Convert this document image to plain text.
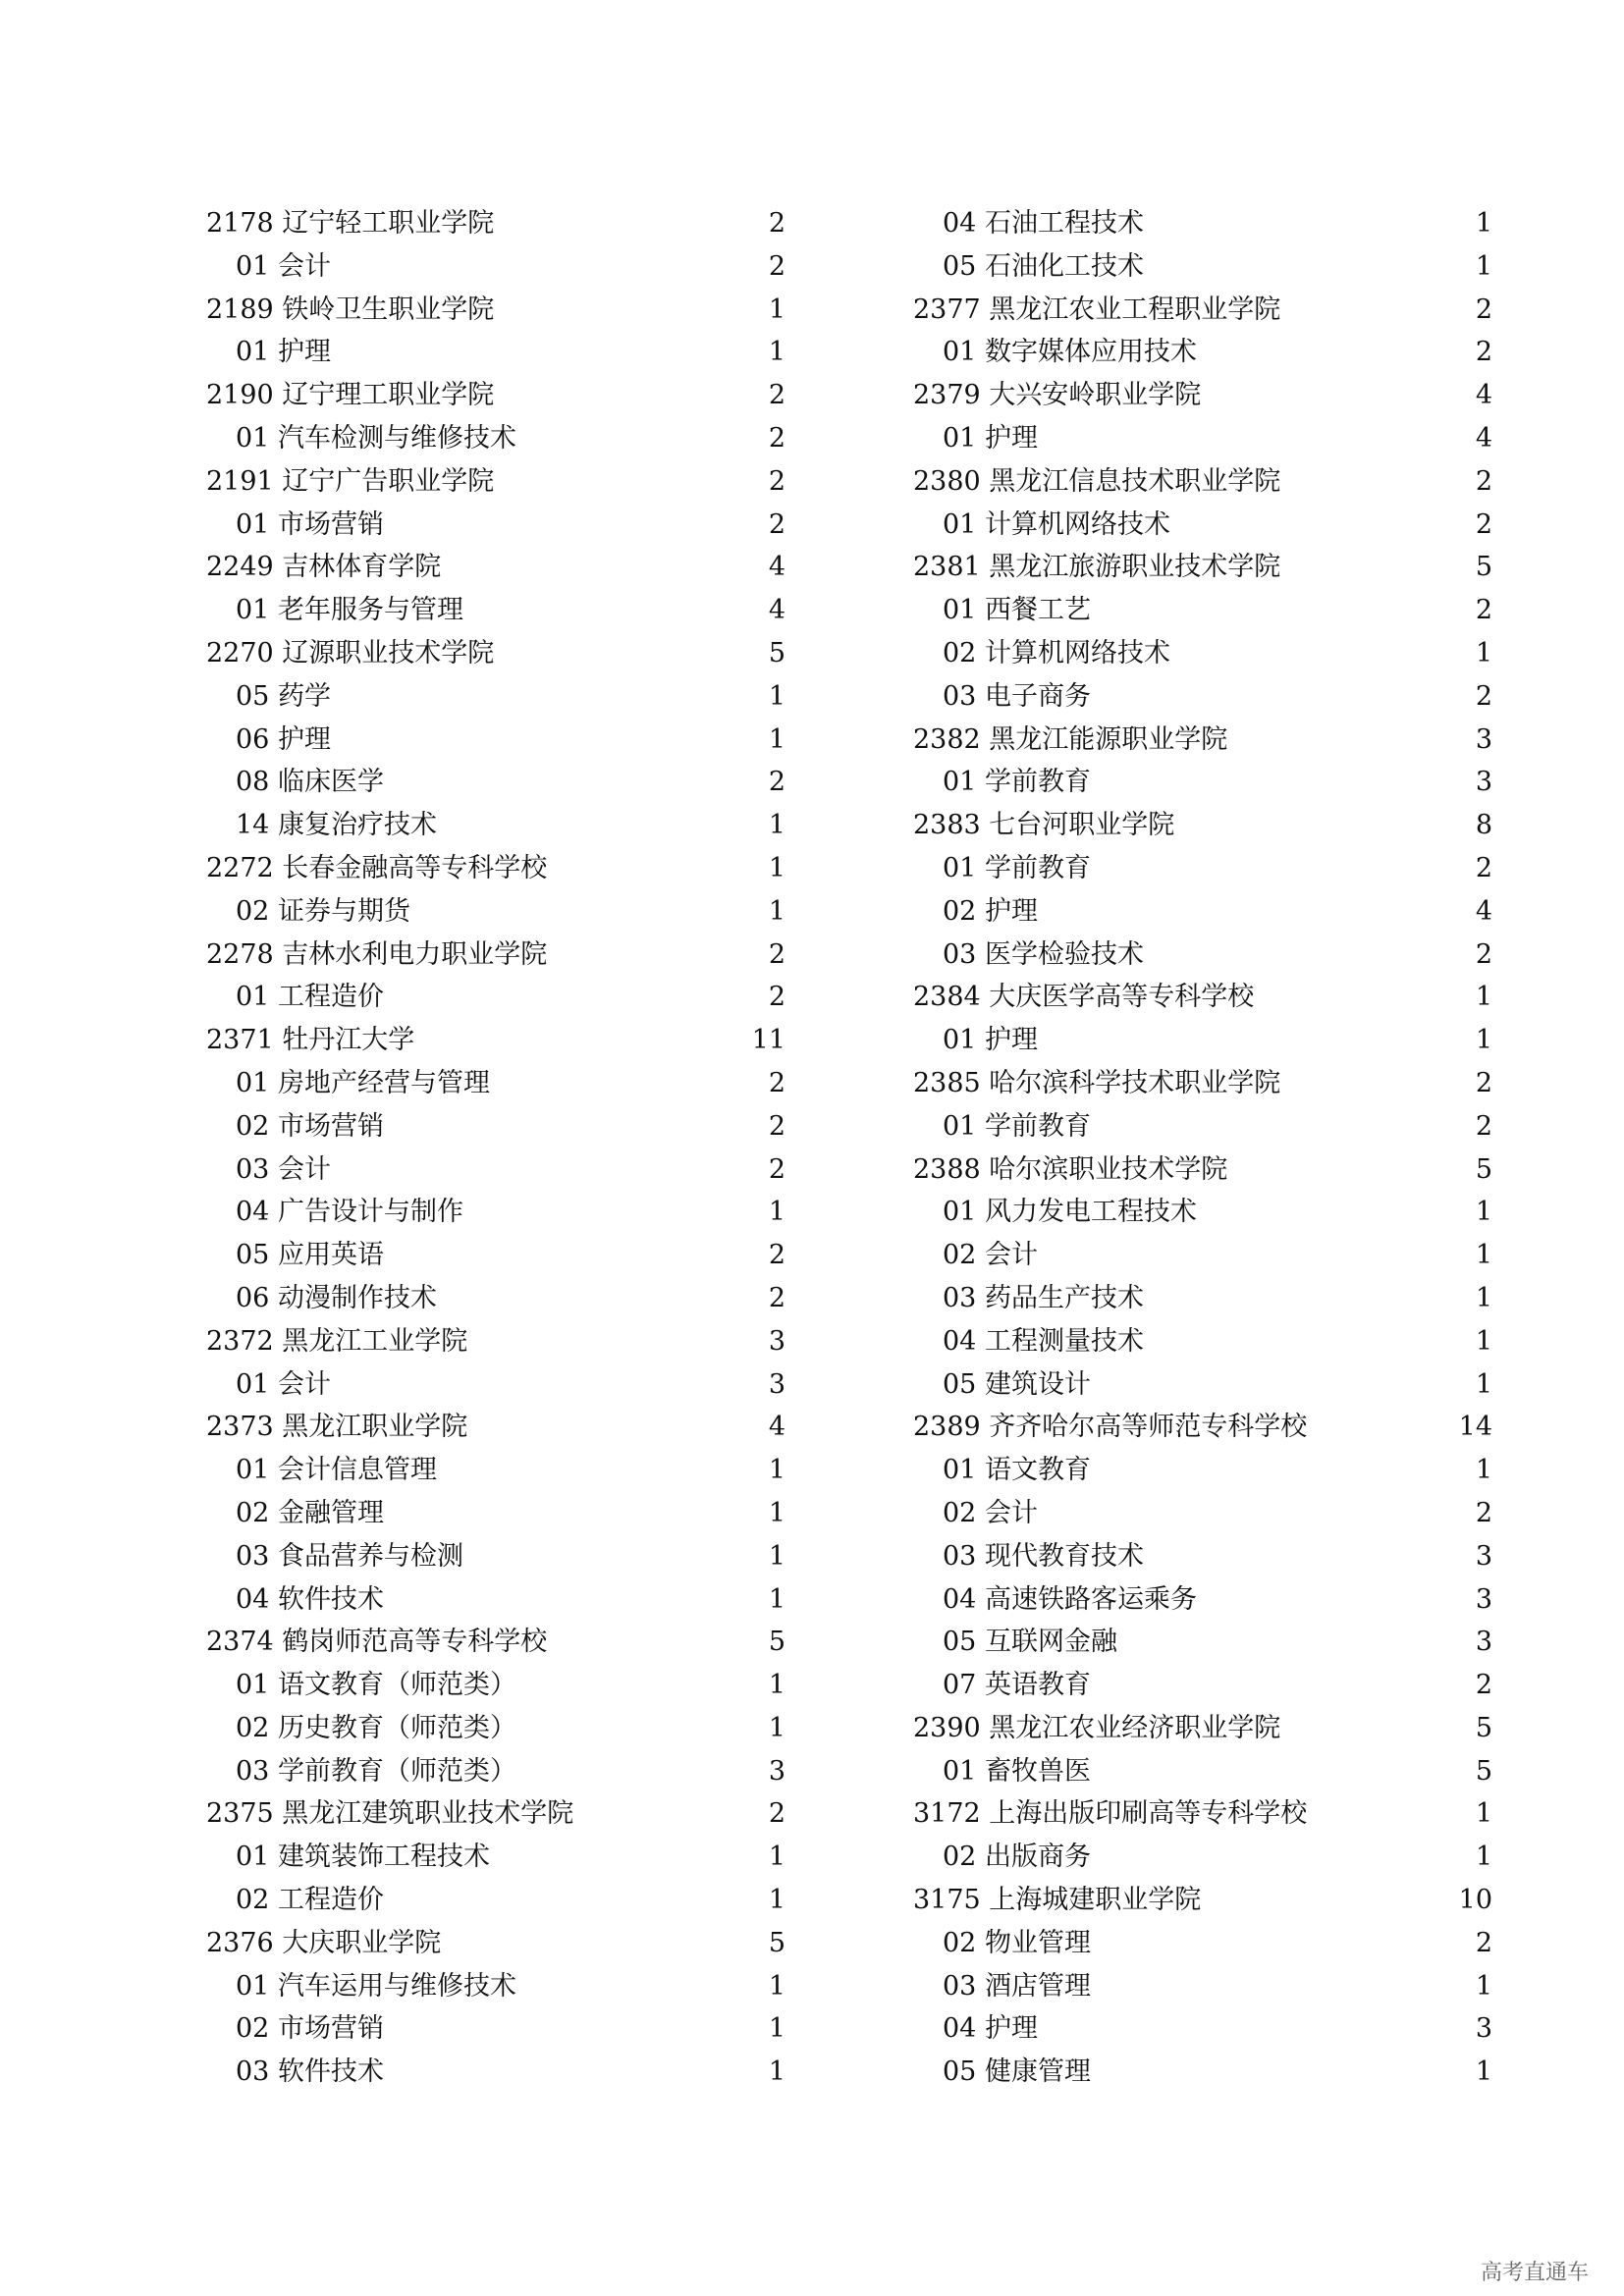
2178 辽宁轻工职业学院	2
01 会计	2
2189 铁岭卫生职业学院	1
01 护理	1
2190 辽宁理工职业学院	2
01 汽车检测与维修技术	2
2191 辽宁广告职业学院	2
01 市场营销	2
2249 吉林体育学院	4
01 老年服务与管理	4
2270 辽源职业技术学院	5
05 药学	1
06 护理	1
08 临床医学	2
14 康复治疗技术	1
2272 长春金融高等专科学校	1
02 证券与期货	1
2278 吉林水利电力职业学院	2
01 工程造价	2
2371 牡丹江大学	11
01 房地产经营与管理	2
02 市场营销	2
03 会计	2
04 广告设计与制作	1
05 应用英语	2
06 动漫制作技术	2
2372 黑龙江工业学院	3
01 会计	3
2373 黑龙江职业学院	4
01 会计信息管理	1
02 金融管理	1
03 食品营养与检测	1
04 软件技术	1
2374 鹤岗师范高等专科学校	5
01 语文教育（师范类）	1
02 历史教育（师范类）	1
03 学前教育（师范类）	3
2375 黑龙江建筑职业技术学院	2
01 建筑装饰工程技术	1
02 工程造价	1
2376 大庆职业学院	5
01 汽车运用与维修技术	1
02 市场营销	1
03 软件技术	1
04 石油工程技术	1
05 石油化工技术	1
2377 黑龙江农业工程职业学院	2
01 数字媒体应用技术	2
2379 大兴安岭职业学院	4
01 护理	4
2380 黑龙江信息技术职业学院	2
01 计算机网络技术	2
2381 黑龙江旅游职业技术学院	5
01 西餐工艺	2
02 计算机网络技术	1
03 电子商务	2
2382 黑龙江能源职业学院	3
01 学前教育	3
2383 七台河职业学院	8
01 学前教育	2
02 护理	4
03 医学检验技术	2
2384 大庆医学高等专科学校	1
01 护理	1
2385 哈尔滨科学技术职业学院	2
01 学前教育	2
2388 哈尔滨职业技术学院	5
01 风力发电工程技术	1
02 会计	1
03 药品生产技术	1
04 工程测量技术	1
05 建筑设计	1
2389 齐齐哈尔高等师范专科学校	14
01 语文教育	1
02 会计	2
03 现代教育技术	3
04 高速铁路客运乘务	3
05 互联网金融	3
07 英语教育	2
2390 黑龙江农业经济职业学院	5
01 畜牧兽医	5
3172 上海出版印刷高等专科学校	1
02 出版商务	1
3175 上海城建职业学院	10
02 物业管理	2
03 酒店管理	1
04 护理	3
05 健康管理	1
高考直通车
